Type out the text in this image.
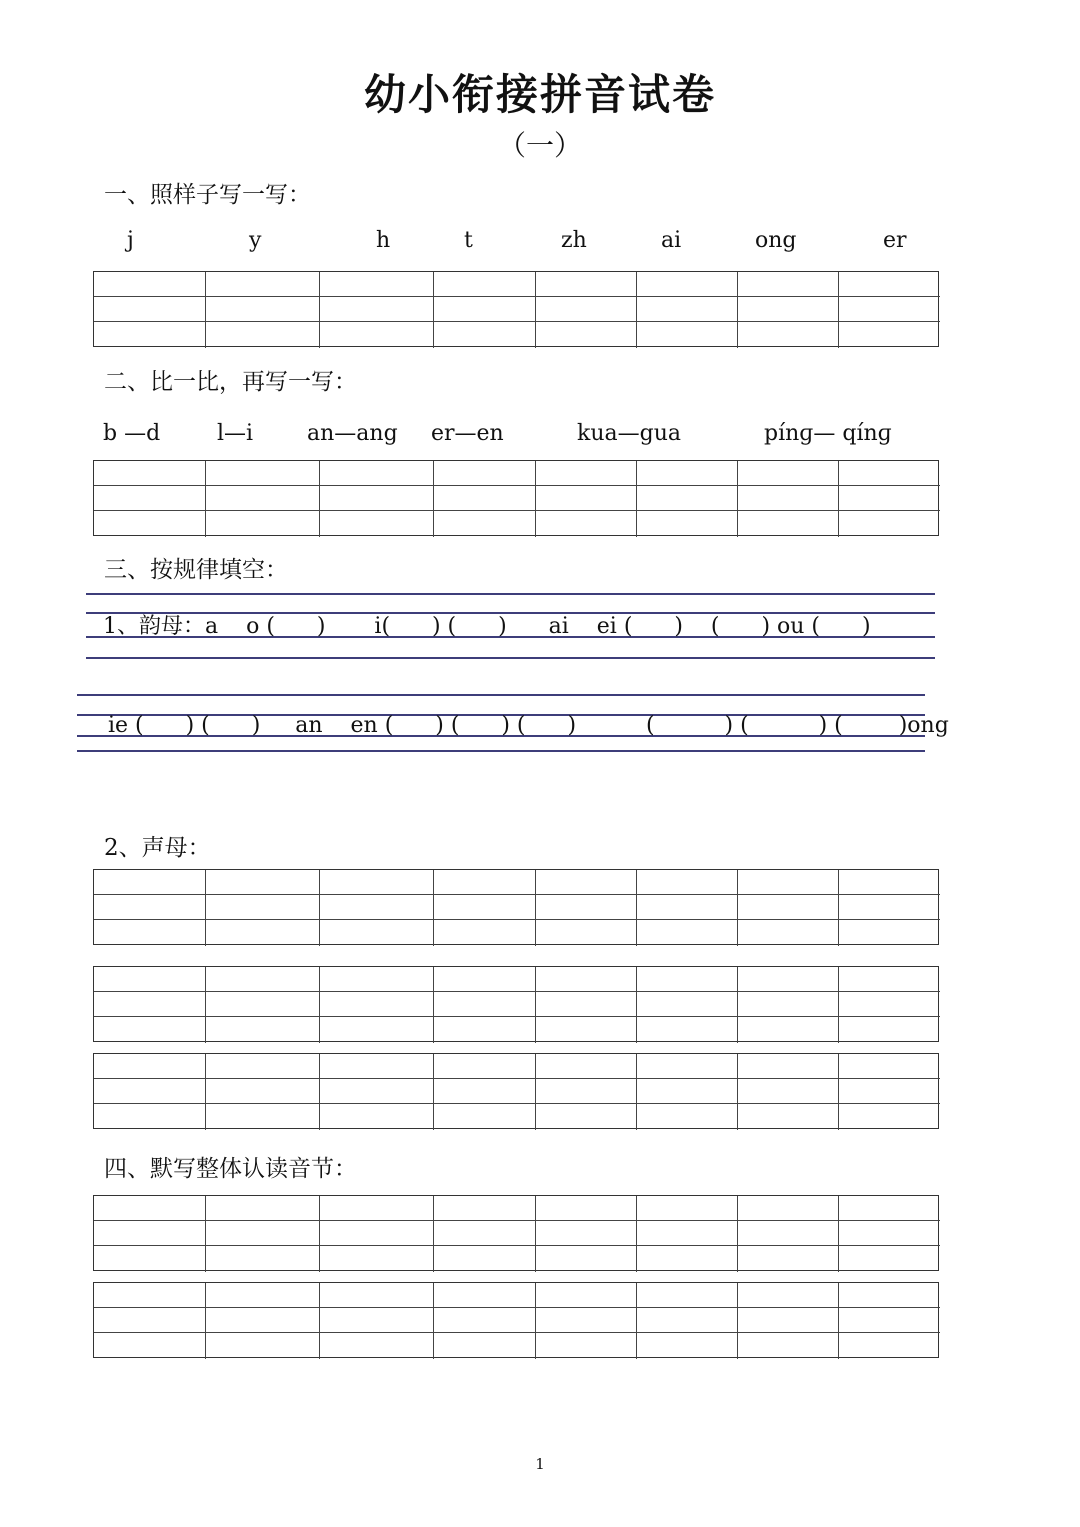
幼小衔接拼音试卷
（一）
一、照样子写一写：
j	y	h	t	zh	ai	ong	er
二、比一比，再写一写：
b —d	l—i an—ang er—en	kua—gua	pínɡ— qínɡ
三、按规律填空：
1、韵母：a    o (      )       i(      ) (      )      ai    ei (      )    (      ) ou (      )
ie (      ) (      )     an    en (      ) (      ) (      )          (          ) (          ) (        )ong
2、声母：
四、默写整体认读音节：
1
